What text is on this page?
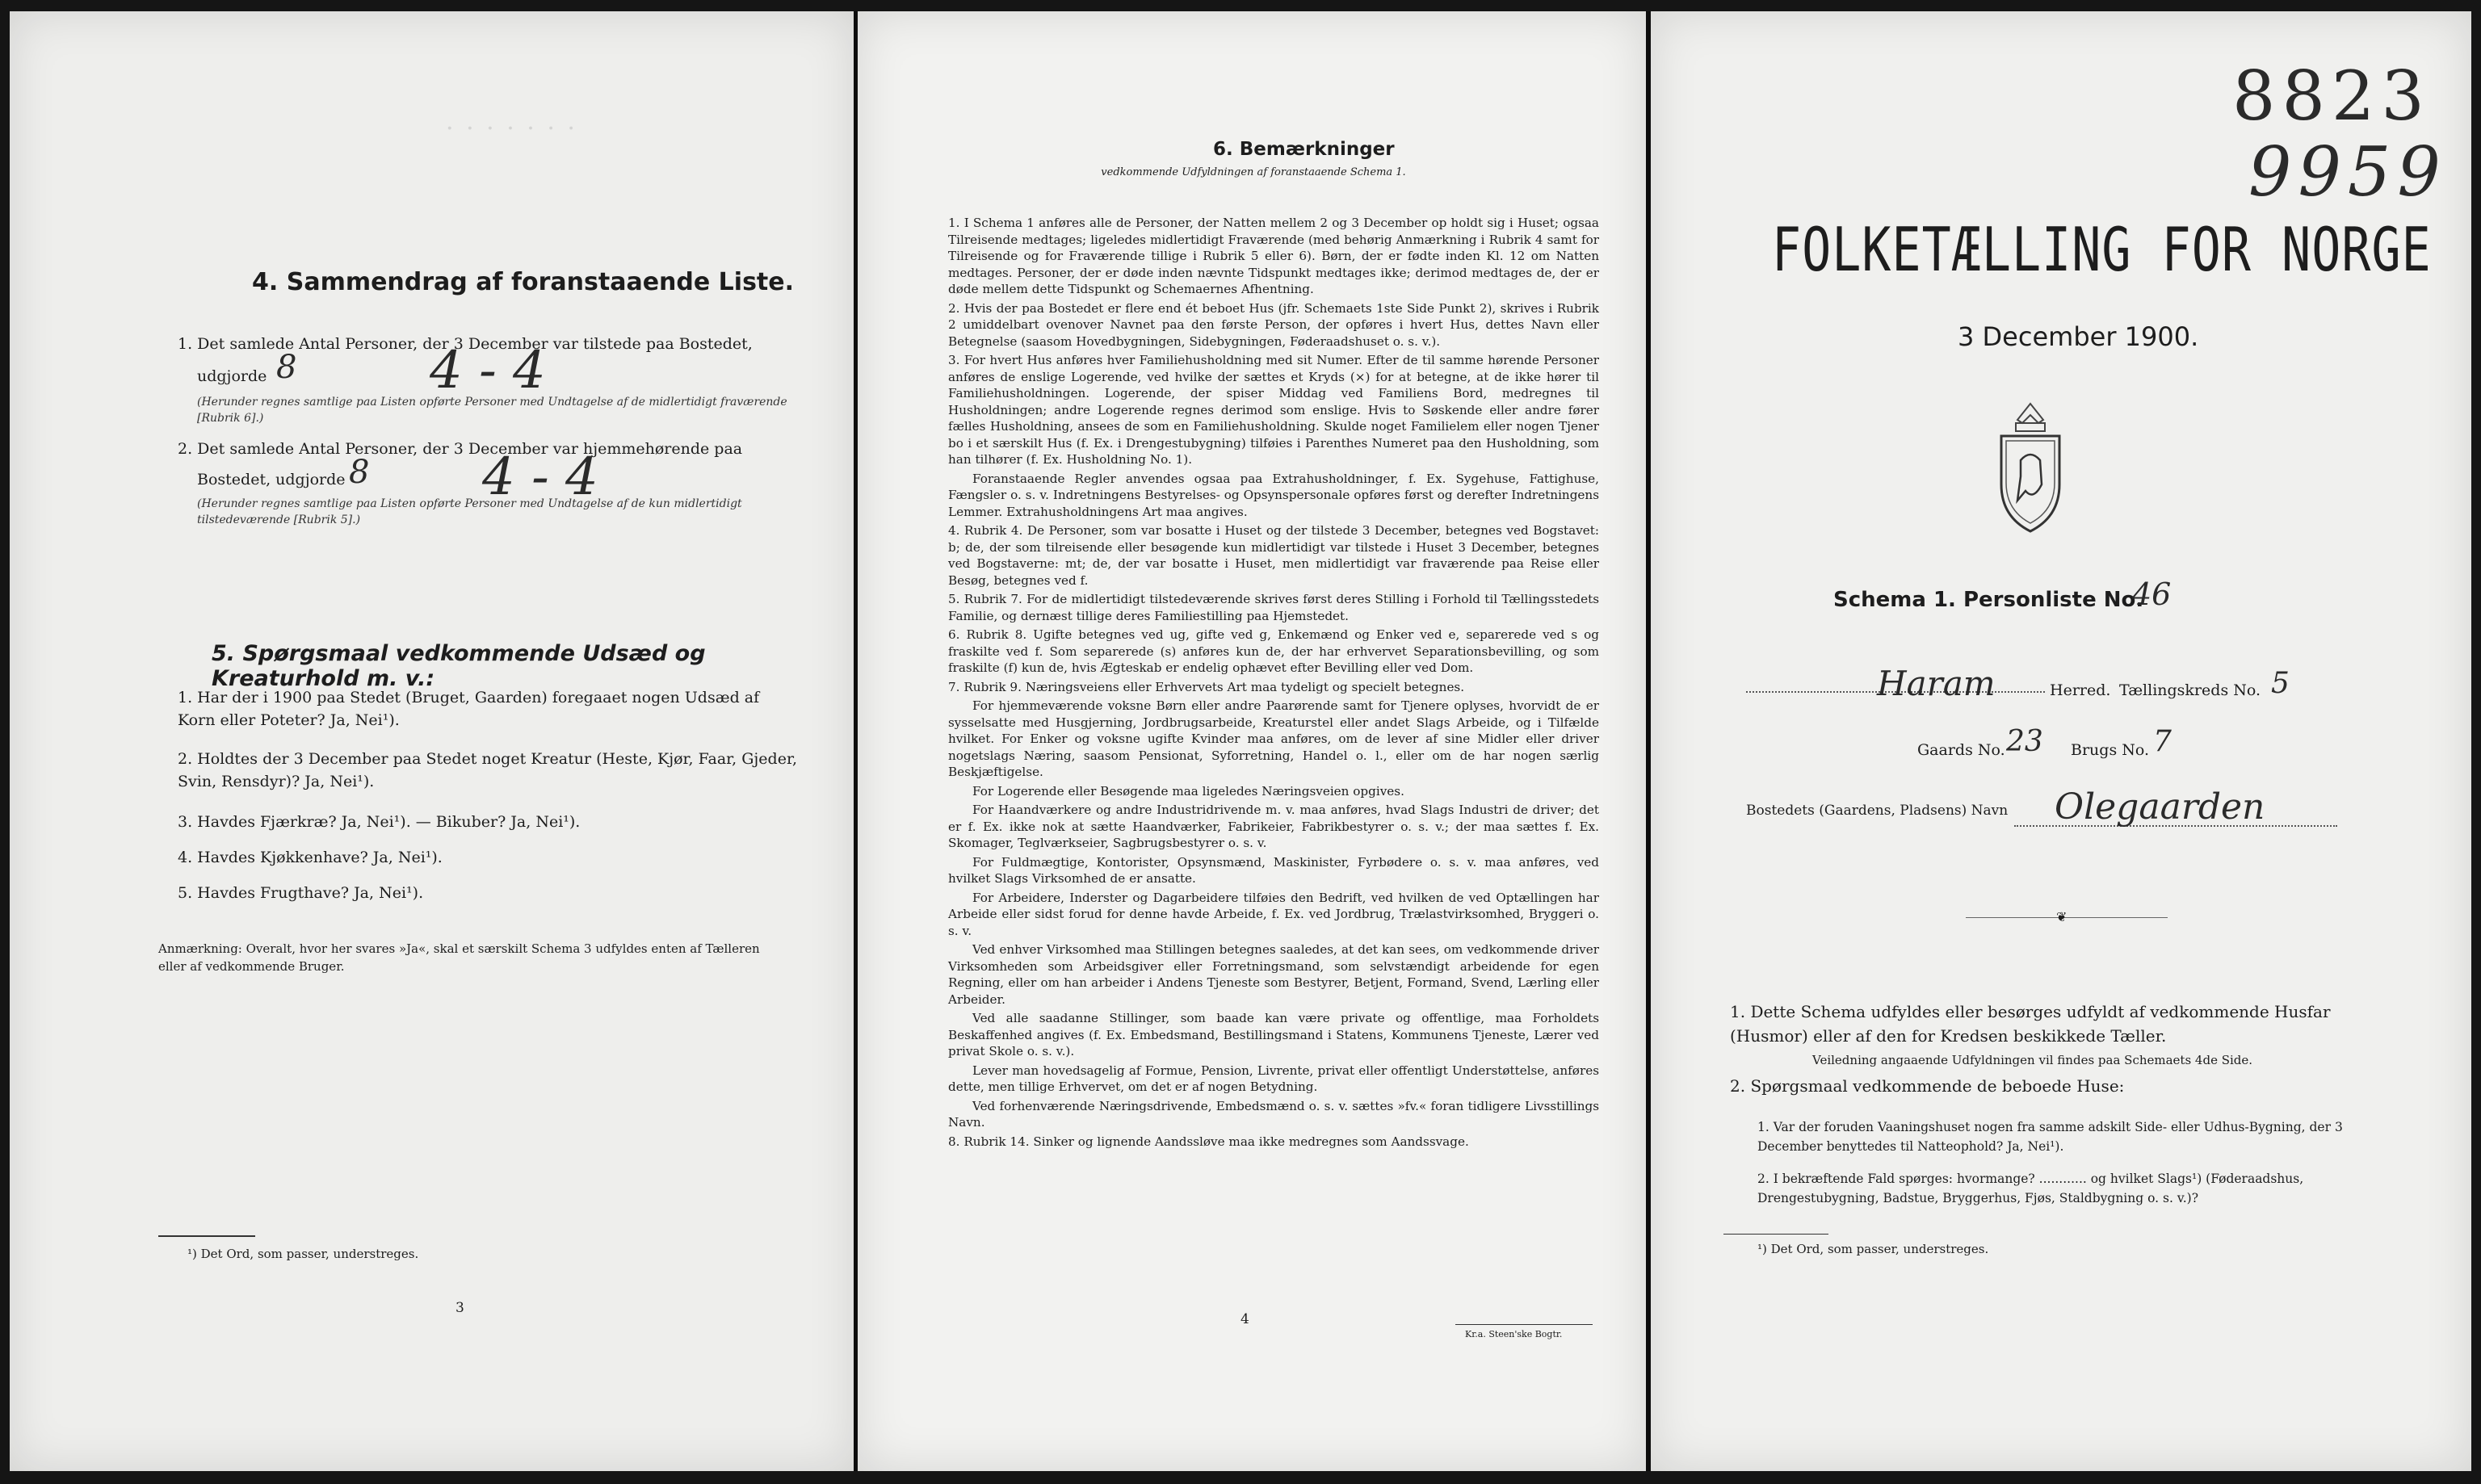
· · · · · · ·
4. Sammendrag af foranstaaende Liste.
1. Det samlede Antal Personer, der 3 December var tilstede paa Bostedet,
udgjorde 8	4 - 4
(Herunder regnes samtlige paa Listen opførte Personer med Undtagelse af de midlertidigt fraværende [Rubrik 6].)
2. Det samlede Antal Personer, der 3 December var hjemmehørende paa
Bostedet, udgjorde 8 4 - 4
(Herunder regnes samtlige paa Listen opførte Personer med Undtagelse af de kun midlertidigt tilstedeværende [Rubrik 5].)
5. Spørgsmaal vedkommende Udsæd og Kreaturhold m. v.:
1. Har der i 1900 paa Stedet (Bruget, Gaarden) foregaaet nogen Udsæd af Korn eller Poteter? Ja, Nei¹).
2. Holdtes der 3 December paa Stedet noget Kreatur (Heste, Kjør, Faar, Gjeder, Svin, Rensdyr)? Ja, Nei¹).
3. Havdes Fjærkræ? Ja, Nei¹). — Bikuber? Ja, Nei¹).
4. Havdes Kjøkkenhave? Ja, Nei¹).
5. Havdes Frugthave? Ja, Nei¹).
Anmærkning: Overalt, hvor her svares »Ja«, skal et særskilt Schema 3 udfyldes enten af Tælleren eller af vedkommende Bruger.
¹) Det Ord, som passer, understreges.
3
6. Bemærkninger
vedkommende Udfyldningen af foranstaaende Schema 1.

1. I Schema 1 anføres alle de Personer, der Natten mellem 2 og 3 December op holdt sig i Huset; ogsaa Tilreisende medtages; ligeledes midlertidigt Fraværende (med behørig Anmærkning i Rubrik 4 samt for Tilreisende og for Fraværende tillige i Rubrik 5 eller 6). Børn, der er fødte inden Kl. 12 om Natten medtages. Personer, der er døde inden nævnte Tidspunkt medtages ikke; derimod medtages de, der er døde mellem dette Tidspunkt og Schemaernes Afhentning.

2. Hvis der paa Bostedet er flere end ét beboet Hus (jfr. Schemaets 1ste Side Punkt 2), skrives i Rubrik 2 umiddelbart ovenover Navnet paa den første Person, der opføres i hvert Hus, dettes Navn eller Betegnelse (saasom Hovedbygningen, Sidebygningen, Føderaadshuset o. s. v.).

3. For hvert Hus anføres hver Familiehusholdning med sit Numer. Efter de til samme hørende Personer anføres de enslige Logerende, ved hvilke der sættes et Kryds (×) for at betegne, at de ikke hører til Familiehusholdningen. Logerende, der spiser Middag ved Familiens Bord, medregnes til Husholdningen; andre Logerende regnes derimod som enslige. Hvis to Søskende eller andre fører fælles Husholdning, ansees de som en Familiehusholdning. Skulde noget Familielem eller nogen Tjener bo i et særskilt Hus (f. Ex. i Drengestubygning) tilføies i Parenthes Numeret paa den Husholdning, som han tilhører (f. Ex. Husholdning No. 1).

Foranstaaende Regler anvendes ogsaa paa Extrahusholdninger, f. Ex. Sygehuse, Fattighuse, Fængsler o. s. v. Indretningens Bestyrelses- og Opsynspersonale opføres først og derefter Indretningens Lemmer. Extrahusholdningens Art maa angives.

4. Rubrik 4. De Personer, som var bosatte i Huset og der tilstede 3 December, betegnes ved Bogstavet: b; de, der som tilreisende eller besøgende kun midlertidigt var tilstede i Huset 3 December, betegnes ved Bogstaverne: mt; de, der var bosatte i Huset, men midlertidigt var fraværende paa Reise eller Besøg, betegnes ved f.

5. Rubrik 7. For de midlertidigt tilstedeværende skrives først deres Stilling i Forhold til Tællingsstedets Familie, og dernæst tillige deres Familiestilling paa Hjemstedet.

6. Rubrik 8. Ugifte betegnes ved ug, gifte ved g, Enkemænd og Enker ved e, separerede ved s og fraskilte ved f. Som separerede (s) anføres kun de, der har erhvervet Separationsbevilling, og som fraskilte (f) kun de, hvis Ægteskab er endelig ophævet efter Bevilling eller ved Dom.

7. Rubrik 9. Næringsveiens eller Erhvervets Art maa tydeligt og specielt betegnes.

For hjemmeværende voksne Børn eller andre Paarørende samt for Tjenere oplyses, hvorvidt de er sysselsatte med Husgjerning, Jordbrugsarbeide, Kreaturstel eller andet Slags Arbeide, og i Tilfælde hvilket. For Enker og voksne ugifte Kvinder maa anføres, om de lever af sine Midler eller driver nogetslags Næring, saasom Pensionat, Syforretning, Handel o. l., eller om de har nogen særlig Beskjæftigelse.

For Logerende eller Besøgende maa ligeledes Næringsveien opgives.

For Haandværkere og andre Industridrivende m. v. maa anføres, hvad Slags Industri de driver; det er f. Ex. ikke nok at sætte Haandværker, Fabrikeier, Fabrikbestyrer o. s. v.; der maa sættes f. Ex. Skomager, Teglværkseier, Sagbrugsbestyrer o. s. v.

For Fuldmægtige, Kontorister, Opsynsmænd, Maskinister, Fyrbødere o. s. v. maa anføres, ved hvilket Slags Virksomhed de er ansatte.

For Arbeidere, Inderster og Dagarbeidere tilføies den Bedrift, ved hvilken de ved Optællingen har Arbeide eller sidst forud for denne havde Arbeide, f. Ex. ved Jordbrug, Trælastvirksomhed, Bryggeri o. s. v.

Ved enhver Virksomhed maa Stillingen betegnes saaledes, at det kan sees, om vedkommende driver Virksomheden som Arbeidsgiver eller Forretningsmand, som selvstændigt arbeidende for egen Regning, eller om han arbeider i Andens Tjeneste som Bestyrer, Betjent, Formand, Svend, Lærling eller Arbeider.

Ved alle saadanne Stillinger, som baade kan være private og offentlige, maa Forholdets Beskaffenhed angives (f. Ex. Embedsmand, Bestillingsmand i Statens, Kommunens Tjeneste, Lærer ved privat Skole o. s. v.).

Lever man hovedsagelig af Formue, Pension, Livrente, privat eller offentligt Understøttelse, anføres dette, men tillige Erhvervet, om det er af nogen Betydning.

Ved forhenværende Næringsdrivende, Embedsmænd o. s. v. sættes »fv.« foran tidligere Livsstillings Navn.

8. Rubrik 14. Sinker og lignende Aandssløve maa ikke medregnes som Aandssvage.

4
Kr.a. Steen'ske Bogtr.
8823
9959
FOLKETÆLLING FOR NORGE
3 December 1900.
Schema 1. Personliste No.
46
Haram	Herred. Tællingskreds No. 5
Gaards No. 23 Brugs No. 7
Bostedets (Gaardens, Pladsens) Navn Olegaarden
❦
1. Dette Schema udfyldes eller besørges udfyldt af vedkommende Husfar (Husmor) eller af den for Kredsen beskikkede Tæller.
Veiledning angaaende Udfyldningen vil findes paa Schemaets 4de Side.
2. Spørgsmaal vedkommende de beboede Huse:
1. Var der foruden Vaaningshuset nogen fra samme adskilt Side- eller Udhus-Bygning, der 3 December benyttedes til Natteophold? Ja, Nei¹).
2. I bekræftende Fald spørges: hvormange? ............ og hvilket Slags¹) (Føderaadshus, Drengestubygning, Badstue, Bryggerhus, Fjøs, Staldbygning o. s. v.)?
¹) Det Ord, som passer, understreges.
